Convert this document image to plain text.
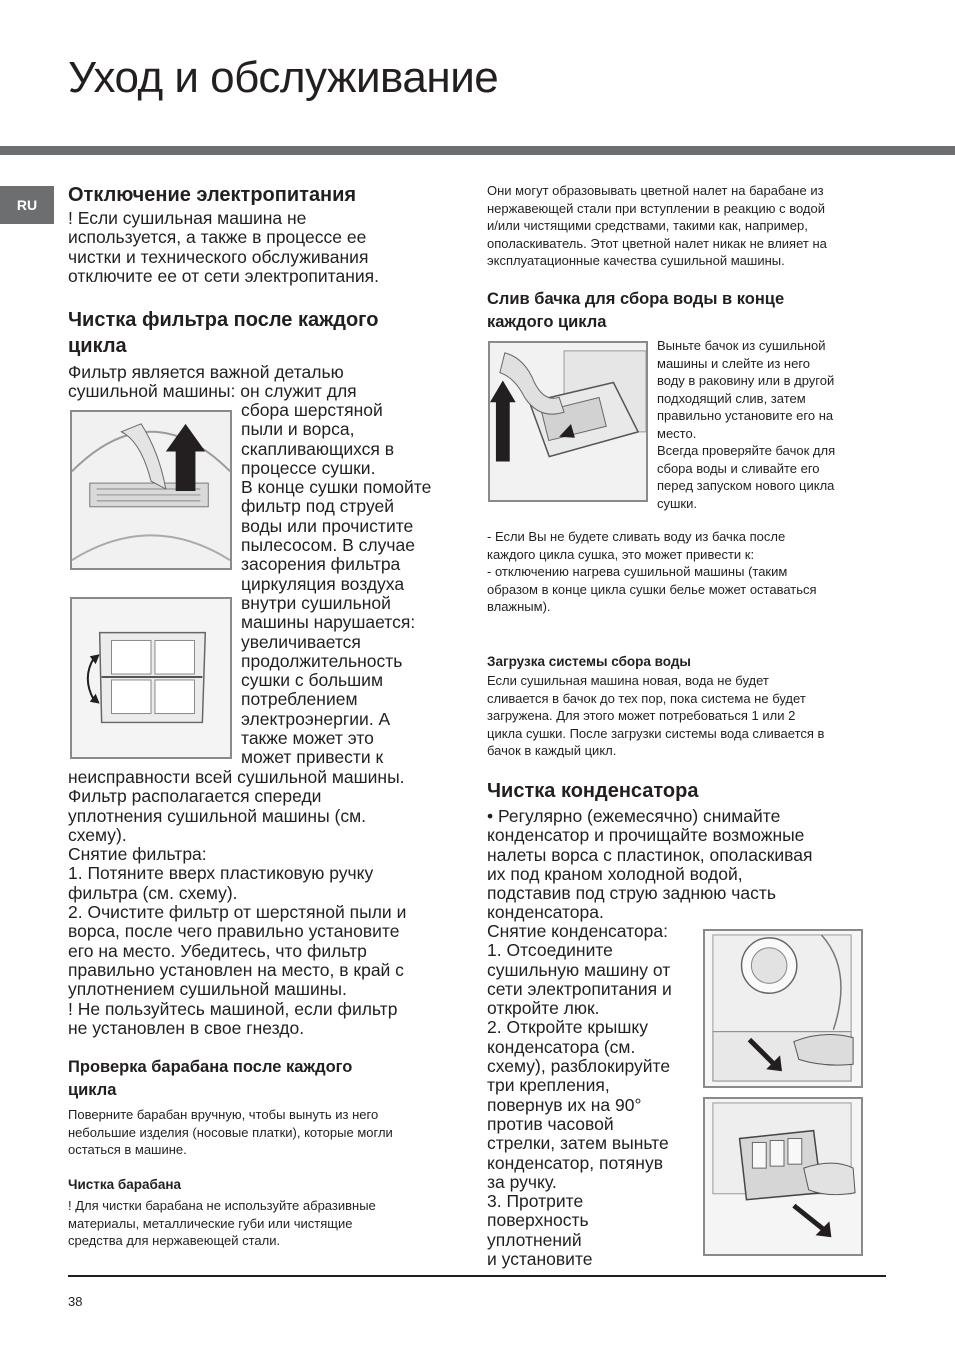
Уход и обслуживание
RU	Отключение электропитания
! Если сушильная машина не
используется, а также в процессе ее
чистки и технического обслуживания
отключите ее от сети электропитания.
Чистка фильтра после каждого
цикла
Фильтр является важной деталью
сушильной машины: он служит для
сбора шерстяной
пыли и ворса,
скапливающихся в
процессе сушки.
В конце сушки помойте
фильтр под струей
воды или прочистите
пылесосом. В случае
засорения фильтра
циркуляция воздуха
внутри сушильной
машины нарушается:
увеличивается
продолжительность
сушки с большим
потреблением
электроэнергии. А
также может это
может привести к
неисправности всей сушильной машины.
Фильтр располагается спереди
уплотнения сушильной машины (см.
схему).
Снятие фильтра:
1. Потяните вверх пластиковую ручку
фильтра (см. схему).
2. Очистите фильтр от шерстяной пыли и
ворса, после чего правильно установите
его на место. Убедитесь, что фильтр
правильно установлен на место, в край с
уплотнением сушильной машины.
! Не пользуйтесь машиной, если фильтр
не установлен в свое гнездо.
Проверка барабана после каждого
цикла
Поверните барабан вручную, чтобы вынуть из него
небольшие изделия (носовые платки), которые могли
остаться в машине.
Чистка барабана
! Для чистки барабана не используйте абразивные
материалы, металлические губи или чистящие
средства для нержавеющей стали.
Они могут образовывать цветной налет на барабане из
нержавеющей стали при вступлении в реакцию с водой
и/или чистящими средствами, такими как, например,
ополаскиватель. Этот цветной налет никак не влияет на
эксплуатационные качества сушильной машины.
Слив бачка для сбора воды в конце
каждого цикла
Выньте бачок из сушильной
машины и слейте из него
воду в раковину или в другой
подходящий слив, затем
правильно установите его на
место.
Всегда проверяйте бачок для
сбора воды и сливайте его
перед запуском нового цикла
сушки.
- Если Вы не будете сливать воду из бачка после
каждого цикла сушка, это может привести к:
- отключению нагрева сушильной машины (таким
образом в конце цикла сушки белье может оставаться
влажным).
Загрузка системы сбора воды
Если сушильная машина новая, вода не будет
сливается в бачок до тех пор, пока система не будет
загружена. Для этого может потребоваться 1 или 2
цикла сушки. После загрузки системы вода сливается в
бачок в каждый цикл.
Чистка конденсатора
• Регулярно (ежемесячно) снимайте
конденсатор и прочищайте возможные
налеты ворса с пластинок, ополаскивая
их под краном холодной водой,
подставив под струю заднюю часть
конденсатора.
Снятие конденсатора:
1. Отсоедините
сушильную машину от
сети электропитания и
откройте люк.
2. Откройте крышку
конденсатора (см.
схему), разблокируйте
три крепления,
повернув их на 90°
против часовой
стрелки, затем выньте
конденсатор, потянув
за ручку.
3. Протрите
поверхность
уплотнений
и установите
38
